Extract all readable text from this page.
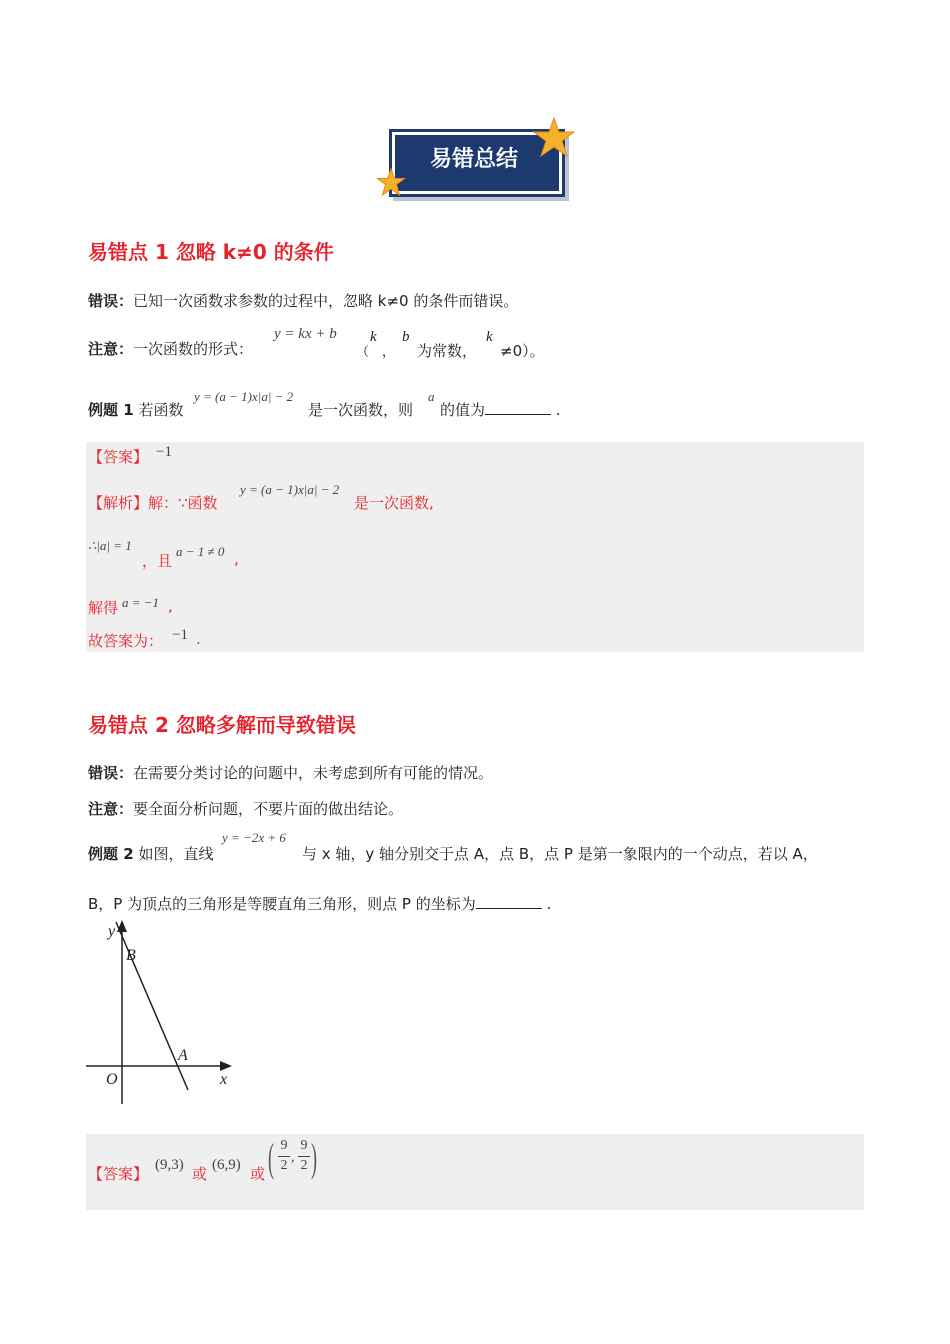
易错总结
易错点 1 忽略 k≠0 的条件
错误：已知一次函数求参数的过程中，忽略 k≠0 的条件而错误。
注意：一次函数的形式：
y = kx + b
（
k
，
b
为常数，
k
≠0）。
例题 1 若函数
y = (a − 1)x|a| − 2
是一次函数，则
a
的值为	.
【答案】 −1
【解析】解：∵函数
y = (a − 1)x|a| − 2
是一次函数,
∴|a| = 1
，且
a − 1 ≠ 0 ,
解得 a = −1 ,
故答案为： −1 .
易错点 2 忽略多解而导致错误
错误：在需要分类讨论的问题中，未考虑到所有可能的情况。
注意：要全面分析问题，不要片面的做出结论。
例题 2 如图，直线
y = −2x + 6
与 x 轴，y 轴分别交于点 A，点 B，点 P 是第一象限内的一个动点，若以 A，
B，P 为顶点的三角形是等腰直角三角形，则点 P 的坐标为	.
y
x
O
A
B
【答案】 (9,3) 或 (6,9) 或 ( 9
2
,
9
2 )
